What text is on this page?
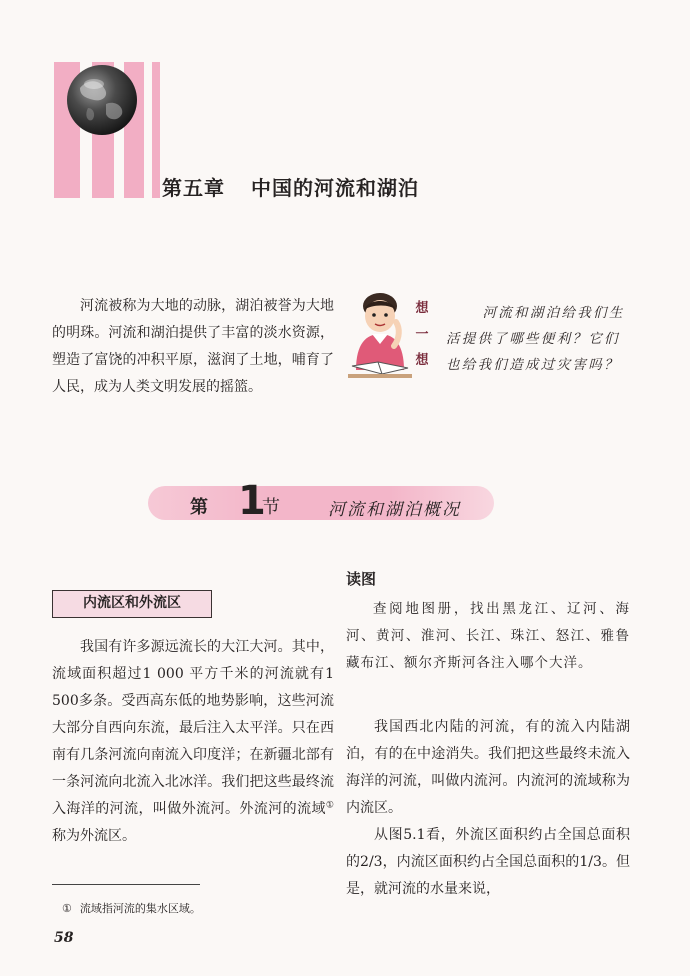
第五章 中国的河流和湖泊

河流被称为大地的动脉，湖泊被誉为大地的明珠。河流和湖泊提供了丰富的淡水资源，塑造了富饶的冲积平原，滋润了土地，哺育了人民，成为人类文明发展的摇篮。

想
一
想

河流和湖泊给我们生活提供了哪些便利？它们也给我们造成过灾害吗？

第 1
节	河流和湖泊概况
内流区和外流区

我国有许多源远流长的大江大河。其中，流域面积超过1 000 平方千米的河流就有1 500多条。受西高东低的地势影响，这些河流大部分自西向东流，最后注入太平洋。只在西南有几条河流向南流入印度洋；在新疆北部有一条河流向北流入北冰洋。我们把这些最终流入海洋的河流，叫做外流河。外流河的流域①称为外流区。

① 流域指河流的集水区域。
58
读图

查阅地图册，找出黑龙江、辽河、海河、黄河、淮河、长江、珠江、怒江、雅鲁藏布江、额尔齐斯河各注入哪个大洋。

我国西北内陆的河流，有的流入内陆湖泊，有的在中途消失。我们把这些最终未流入海洋的河流，叫做内流河。内流河的流域称为内流区。

从图5.1看，外流区面积约占全国总面积的2/3，内流区面积约占全国总面积的1/3。但是，就河流的水量来说，
